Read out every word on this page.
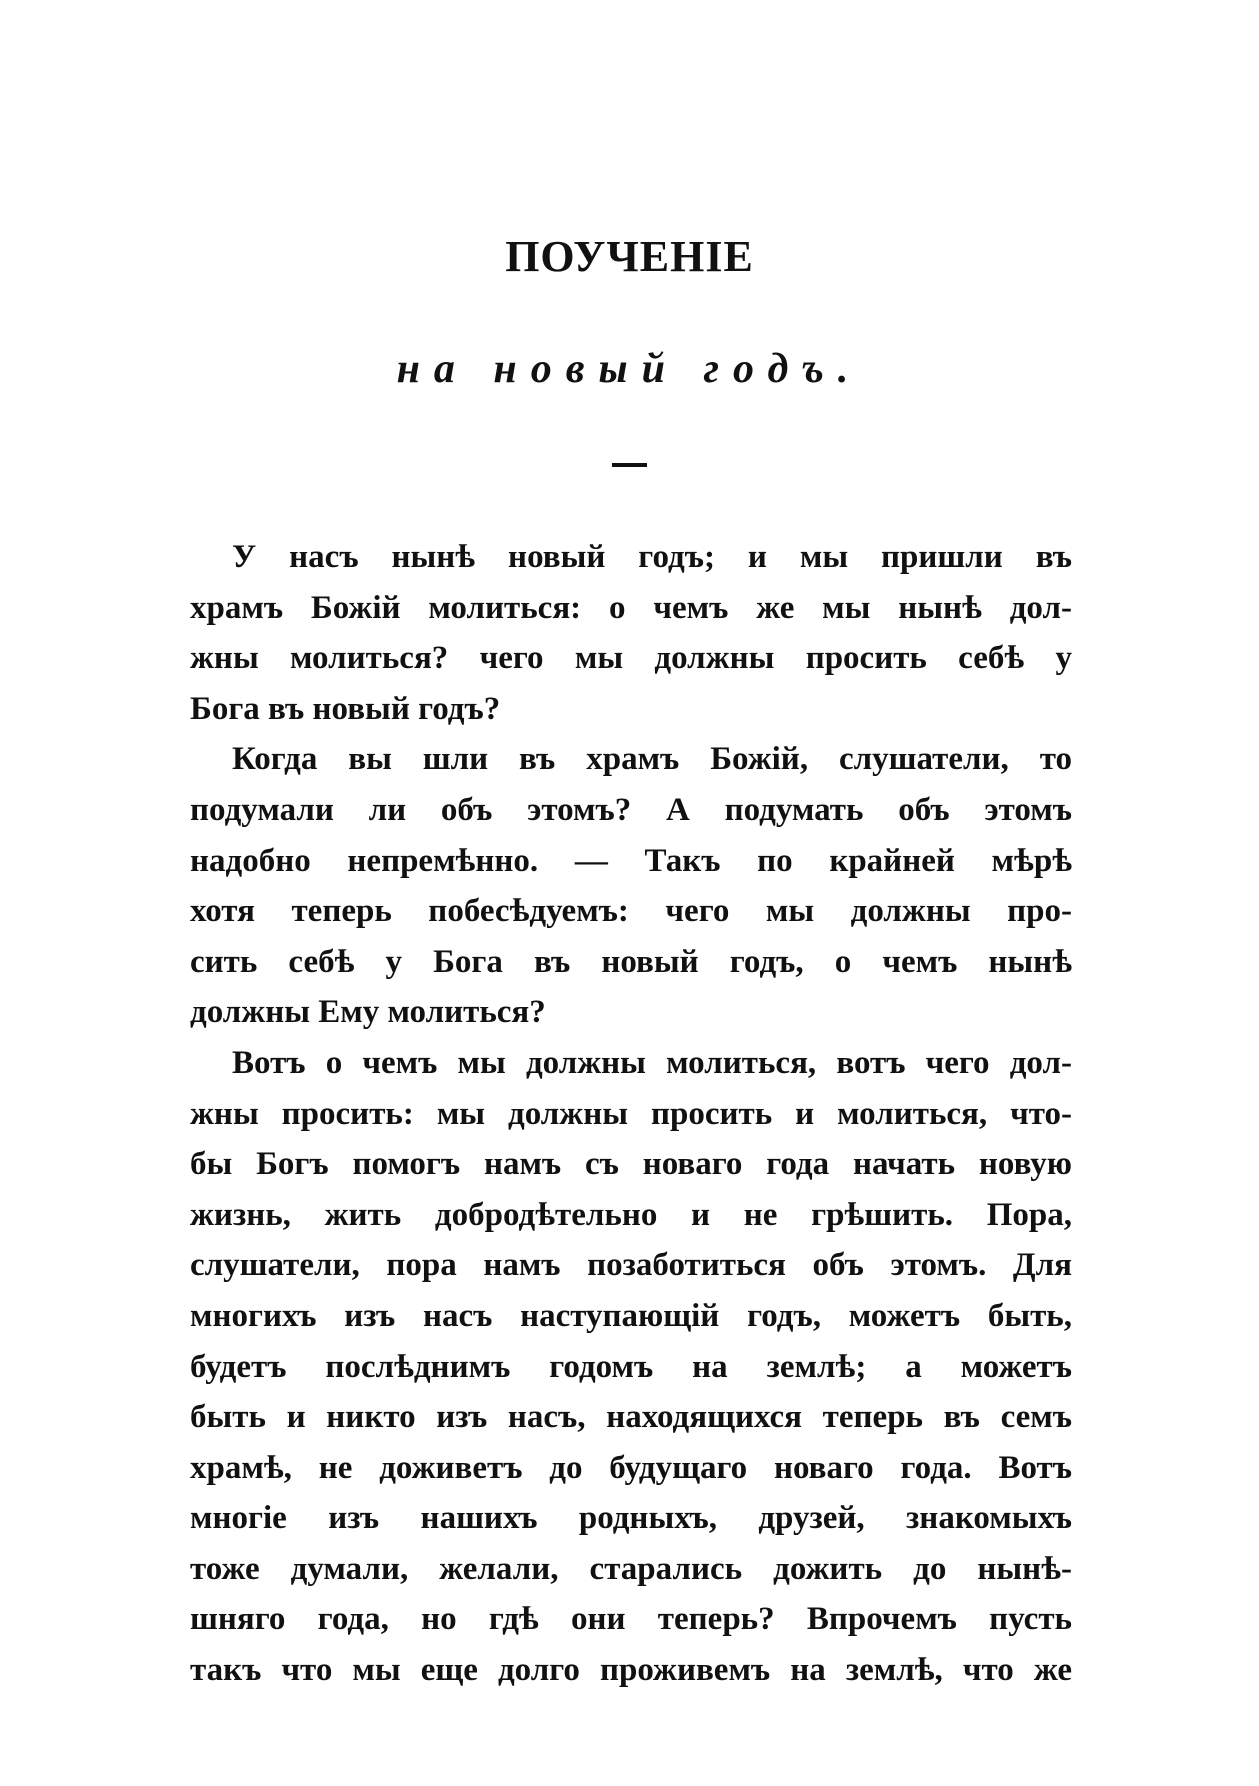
ПОУЧЕНІЕ
на новый годъ.
У насъ нынѣ новый годъ; и мы пришли въ
храмъ Божій молиться: о чемъ же мы нынѣ дол-
жны молиться? чего мы должны просить себѣ у
Бога въ новый годъ?
Когда вы шли въ храмъ Божій, слушатели, то
подумали ли объ этомъ? А подумать объ этомъ
надобно непремѣнно. — Такъ по крайней мѣрѣ
хотя теперь побесѣдуемъ: чего мы должны про-
сить себѣ у Бога въ новый годъ, о чемъ нынѣ
должны Ему молиться?
Вотъ о чемъ мы должны молиться, вотъ чего дол-
жны просить: мы должны просить и молиться, что-
бы Богъ помогъ намъ съ новаго года начать новую
жизнь, жить добродѣтельно и не грѣшить. Пора,
слушатели, пора намъ позаботиться объ этомъ. Для
многихъ изъ насъ наступающій годъ, можетъ быть,
будетъ послѣднимъ годомъ на землѣ; а можетъ
быть и никто изъ насъ, находящихся теперь въ семъ
храмѣ, не доживетъ до будущаго новаго года. Вотъ
многіе изъ нашихъ родныхъ, друзей, знакомыхъ
тоже думали, желали, старались дожить до нынѣ-
шняго года, но гдѣ они теперь? Впрочемъ пусть
такъ что мы еще долго проживемъ на землѣ, что же
